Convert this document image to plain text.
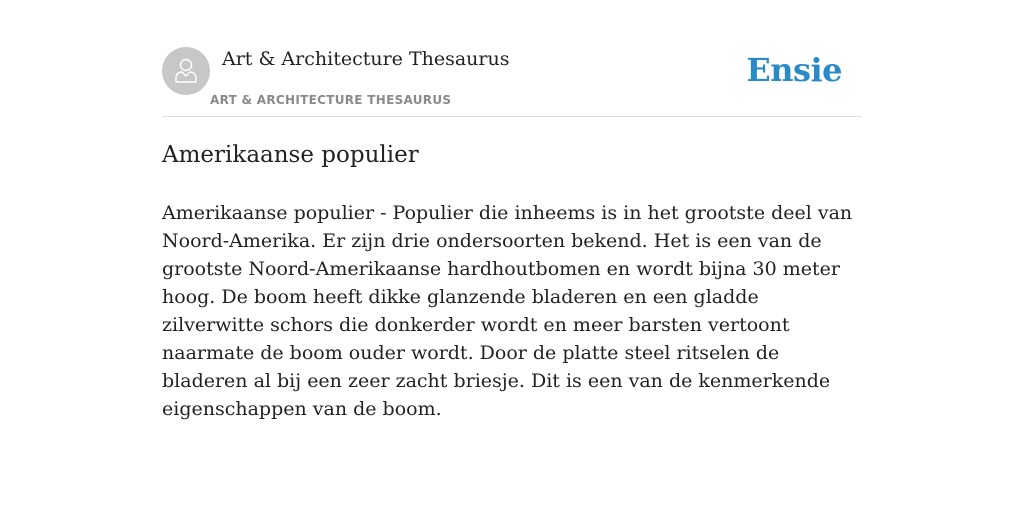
Art & Architecture Thesaurus
ART & ARCHITECTURE THESAURUS
Ensie
Amerikaanse populier

Amerikaanse populier - Populier die inheems is in het grootste deel van Noord-Amerika. Er zijn drie ondersoorten bekend. Het is een van de grootste Noord-Amerikaanse hardhoutbomen en wordt bijna 30 meter hoog. De boom heeft dikke glanzende bladeren en een gladde zilverwitte schors die donkerder wordt en meer barsten vertoont naarmate de boom ouder wordt. Door de platte steel ritselen de bladeren al bij een zeer zacht briesje. Dit is een van de kenmerkende eigenschappen van de boom.
